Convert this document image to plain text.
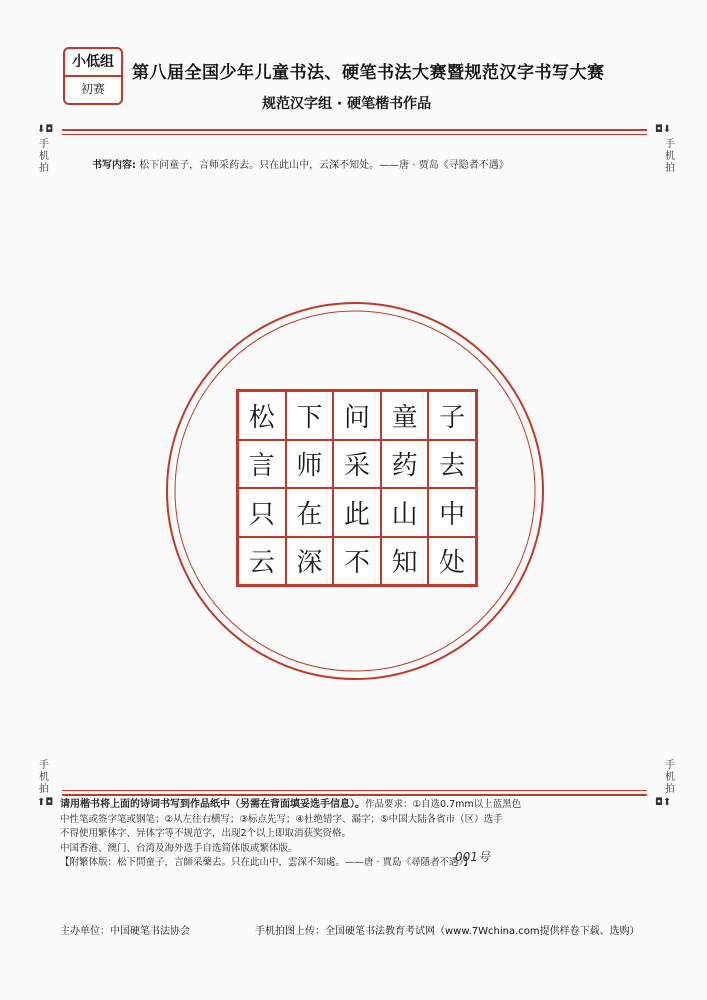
小低组
初赛
第八届全国少年儿童书法、硬笔书法大赛暨规范汉字书写大赛
规范汉字组 · 硬笔楷书作品
⬇◘
手机拍
◘⬇
手机拍
书写内容: 松下问童子，言师采药去。只在此山中，云深不知处。——唐 · 贾岛《寻隐者不遇》
松 下 问 童 子
言 师 采 药 去
只 在 此 山 中
云 深 不 知 处
手机拍
⬆◘
手机拍
◘⬆
请用楷书将上面的诗词书写到作品纸中（另需在背面填妥选手信息）。作品要求：①自选0.7mm以上蓝黑色
中性笔或签字笔或钢笔；②从左往右横写；③标点先写；④杜绝错字、漏字；⑤中国大陆各省市（区）选手
不得使用繁体字、异体字等不规范字，出现2个以上即取消获奖资格。
中国香港、澳门、台湾及海外选手自选简体版或繁体版。
【附繁体版：松下問童子，言師采藥去。只在此山中，雲深不知處。——唐 · 賈島《尋隱者不遇》】
001号
主办单位：中国硬笔书法协会	手机拍图上传：全国硬笔书法教育考试网（www.7Wchina.com提供样卷下载、选购）
